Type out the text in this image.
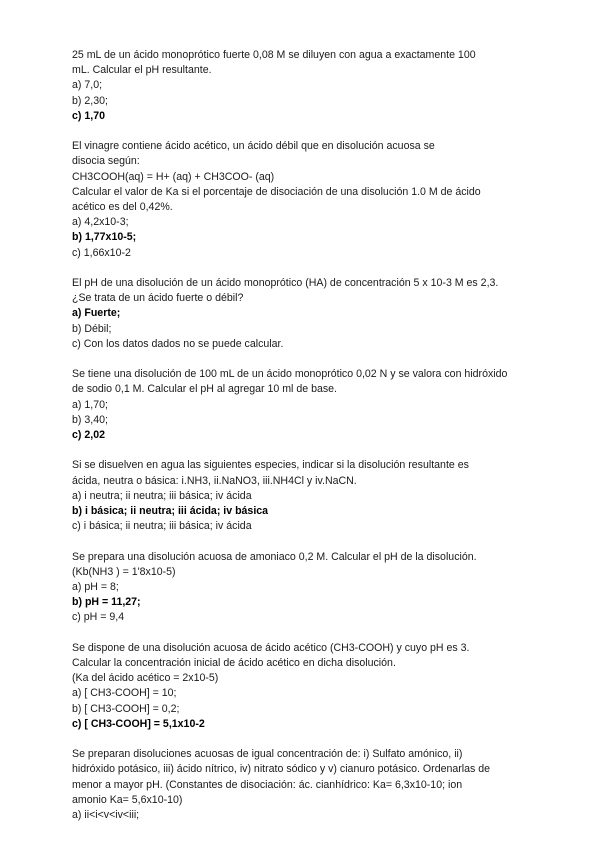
25 mL de un ácido monoprótico fuerte 0,08 M se diluyen con agua a exactamente 100

mL. Calcular el pH resultante.

a) 7,0;

b) 2,30;

c) 1,70

El vinagre contiene ácido acético, un ácido débil que en disolución acuosa se

disocia según:

CH3COOH(aq) = H+ (aq) + CH3COO- (aq)

Calcular el valor de Ka si el porcentaje de disociación de una disolución 1.0 M de ácido

acético es del 0,42%.

a) 4,2x10-3;

b) 1,77x10-5;

c) 1,66x10-2

El pH de una disolución de un ácido monoprótico (HA) de concentración 5 x 10-3 M es 2,3.

¿Se trata de un ácido fuerte o débil?

a) Fuerte;

b) Débil;

c) Con los datos dados no se puede calcular.

Se tiene una disolución de 100 mL de un ácido monoprótico 0,02 N y se valora con hidróxido

de sodio 0,1 M. Calcular el pH al agregar 10 ml de base.

a) 1,70;

b) 3,40;

c) 2,02

Si se disuelven en agua las siguientes especies, indicar si la disolución resultante es

ácida, neutra o básica: i.NH3, ii.NaNO3, iii.NH4Cl y iv.NaCN.

a) i neutra; ii neutra; iii básica; iv ácida

b) i básica; ii neutra; iii ácida; iv básica

c) i básica; ii neutra; iii básica; iv ácida

Se prepara una disolución acuosa de amoniaco 0,2 M. Calcular el pH de la disolución.

(Kb(NH3 ) = 1'8x10-5)

a) pH = 8;

b) pH = 11,27;

c) pH = 9,4

Se dispone de una disolución acuosa de ácido acético (CH3-COOH) y cuyo pH es 3.

Calcular la concentración inicial de ácido acético en dicha disolución.

(Ka del ácido acético = 2x10-5)

a) [ CH3-COOH] = 10;

b) [ CH3-COOH] = 0,2;

c) [ CH3-COOH] = 5,1x10-2

Se preparan disoluciones acuosas de igual concentración de: i) Sulfato amónico, ii)

hidróxido potásico, iii) ácido nítrico, iv) nitrato sódico y v) cianuro potásico. Ordenarlas de

menor a mayor pH. (Constantes de disociación: ác. cianhídrico: Ka= 6,3x10-10; ion

amonio Ka= 5,6x10-10)

a) ii<i<v<iv<iii;
